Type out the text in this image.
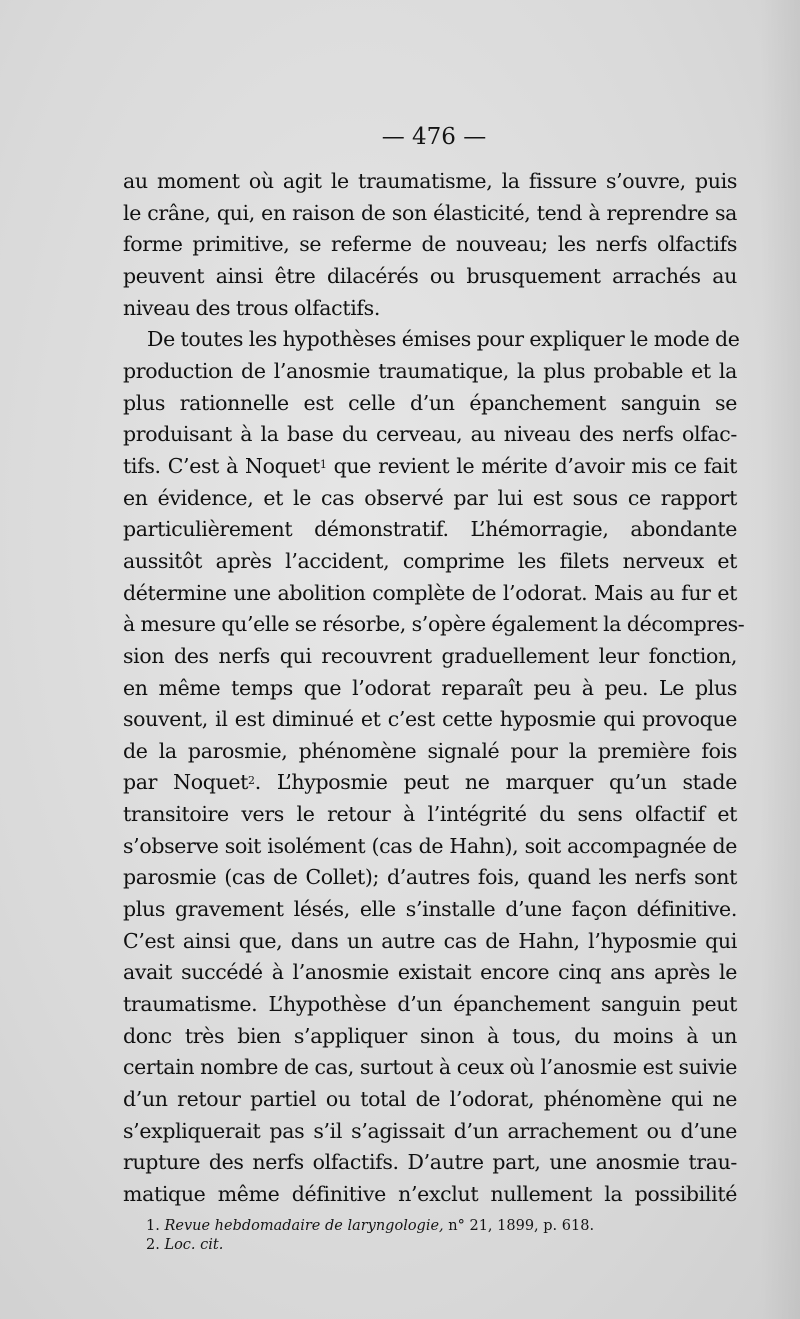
— 476 —

au moment où agit le traumatisme, la fissure s’ouvre, puis
le crâne, qui, en raison de son élasticité, tend à reprendre sa
forme primitive, se referme de nouveau; les nerfs olfactifs
peuvent ainsi être dilacérés ou brusquement arrachés au
niveau des trous olfactifs.
De toutes les hypothèses émises pour expliquer le mode de
production de l’anosmie traumatique, la plus probable et la
plus rationnelle est celle d’un épanchement sanguin se
produisant à la base du cerveau, au niveau des nerfs olfac-
tifs. C’est à Noquet$^1$ que revient le mérite d’avoir mis ce fait
en évidence, et le cas observé par lui est sous ce rapport
particulièrement démonstratif. L’hémorragie, abondante
aussitôt après l’accident, comprime les filets nerveux et
détermine une abolition complète de l’odorat. Mais au fur et
à mesure qu’elle se résorbe, s’opère également la décompres-
sion des nerfs qui recouvrent graduellement leur fonction,
en même temps que l’odorat reparaît peu à peu. Le plus
souvent, il est diminué et c’est cette hyposmie qui provoque
de la parosmie, phénomène signalé pour la première fois
par Noquet$^2$. L’hyposmie peut ne marquer qu’un stade
transitoire vers le retour à l’intégrité du sens olfactif et
s’observe soit isolément (cas de Hahn), soit accompagnée de
parosmie (cas de Collet); d’autres fois, quand les nerfs sont
plus gravement lésés, elle s’installe d’une façon définitive.
C’est ainsi que, dans un autre cas de Hahn, l’hyposmie qui
avait succédé à l’anosmie existait encore cinq ans après le
traumatisme. L’hypothèse d’un épanchement sanguin peut
donc très bien s’appliquer sinon à tous, du moins à un
certain nombre de cas, surtout à ceux où l’anosmie est suivie
d’un retour partiel ou total de l’odorat, phénomène qui ne
s’expliquerait pas s’il s’agissait d’un arrachement ou d’une
rupture des nerfs olfactifs. D’autre part, une anosmie trau-
matique même définitive n’exclut nullement la possibilité
1. Revue hebdomadaire de laryngologie, n° 21, 1899, p. 618.
2. Loc. cit.
